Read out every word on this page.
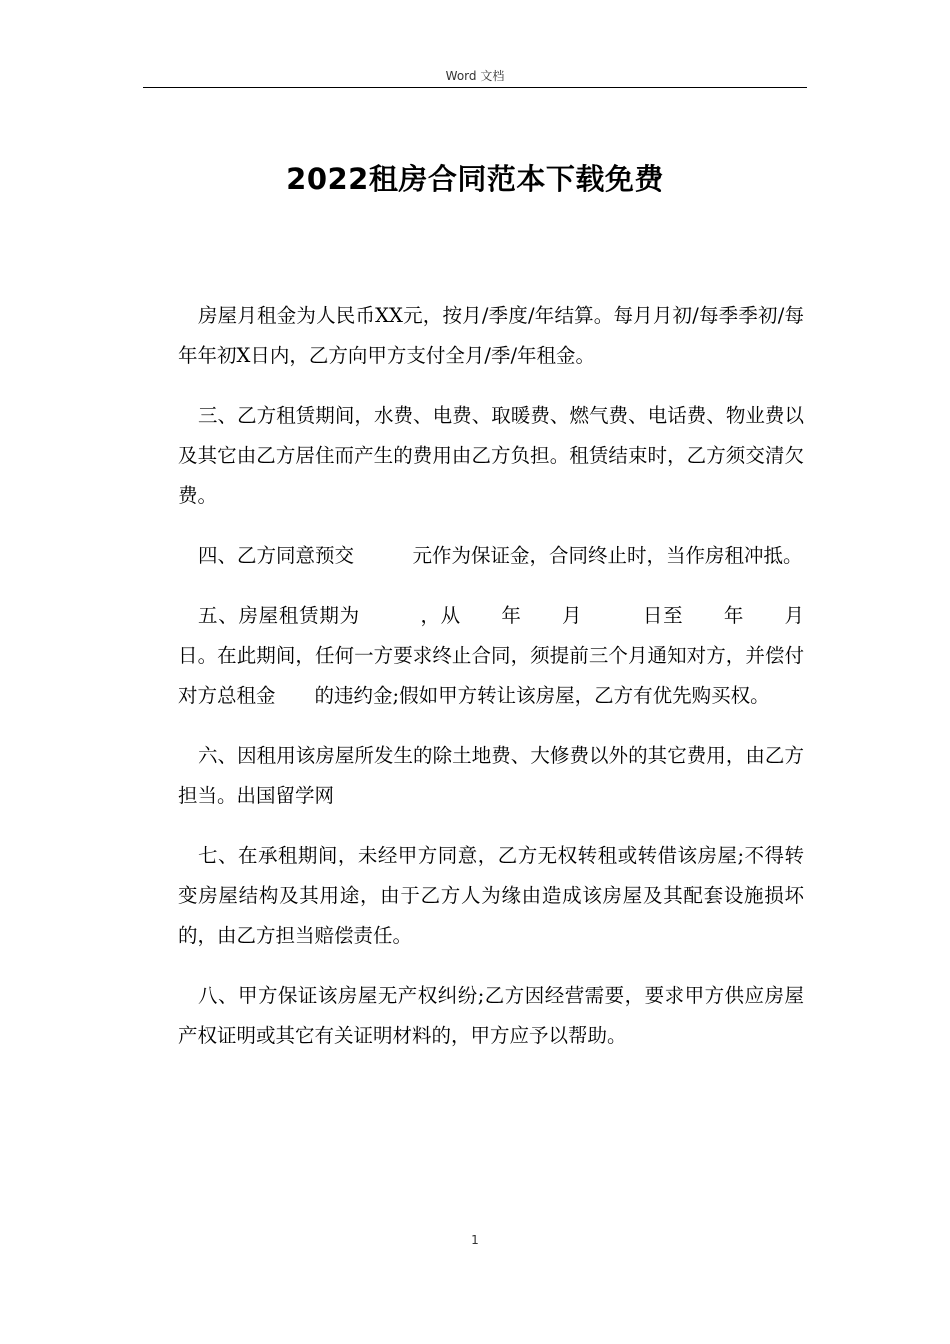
Word 文档
2022租房合同范本下载免费

房屋月租金为人民币XX元，按月/季度/年结算。每月月初/每季季初/每年年初X日内，乙方向甲方支付全月/季/年租金。

三、乙方租赁期间，水费、电费、取暖费、燃气费、电话费、物业费以及其它由乙方居住而产生的费用由乙方负担。租赁结束时，乙方须交清欠费。

四、乙方同意预交　　　元作为保证金，合同终止时，当作房租冲抵。

五、房屋租赁期为　　　，从　　年　　月　　　日至　　年　　月　　日。在此期间，任何一方要求终止合同，须提前三个月通知对方，并偿付对方总租金　　的违约金;假如甲方转让该房屋，乙方有优先购买权。

六、因租用该房屋所发生的除土地费、大修费以外的其它费用，由乙方担当。出国留学网

七、在承租期间，未经甲方同意，乙方无权转租或转借该房屋;不得转变房屋结构及其用途，由于乙方人为缘由造成该房屋及其配套设施损坏的，由乙方担当赔偿责任。

八、甲方保证该房屋无产权纠纷;乙方因经营需要，要求甲方供应房屋产权证明或其它有关证明材料的，甲方应予以帮助。

1
